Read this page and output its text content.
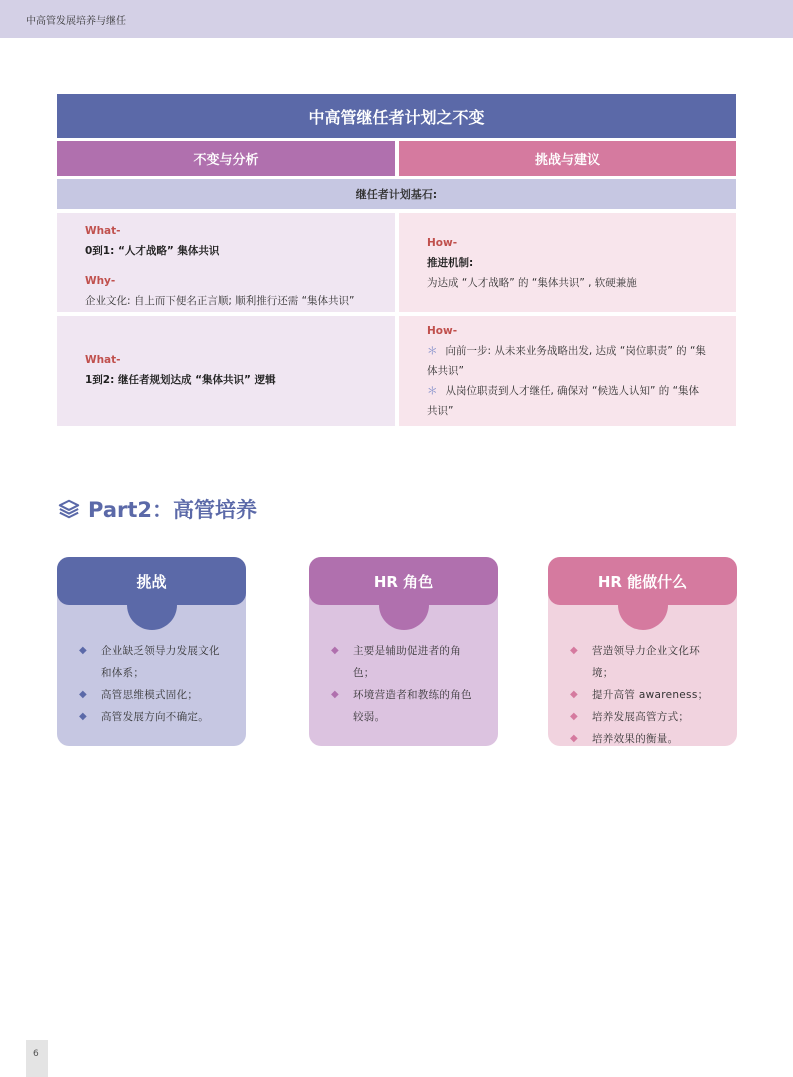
中高管发展培养与继任
中高管继任者计划之不变
不变与分析	挑战与建议
继任者计划基石:
What-
0到1: “人才战略” 集体共识
Why-
企业文化: 自上而下便名正言顺; 顺利推行还需 “集体共识”
How-
推进机制:
为达成 “人才战略” 的 “集体共识” , 软硬兼施
What-
1到2: 继任者规划达成 “集体共识” 逻辑
How-
＊ 向前一步: 从未来业务战略出发, 达成 “岗位职责” 的 “集体共识”
＊ 从岗位职责到人才继任, 确保对 “候选人认知” 的 “集体共识”
Part2：高管培养
挑战
◆ 企业缺乏领导力发展文化和体系；
◆ 高管思维模式固化；
◆ 高管发展方向不确定。
HR 角色
◆ 主要是辅助促进者的角色；
◆ 环境营造者和教练的角色较弱。
HR 能做什么
◆ 营造领导力企业文化环境；
◆ 提升高管 awareness；
◆ 培养发展高管方式；
◆ 培养效果的衡量。
6
